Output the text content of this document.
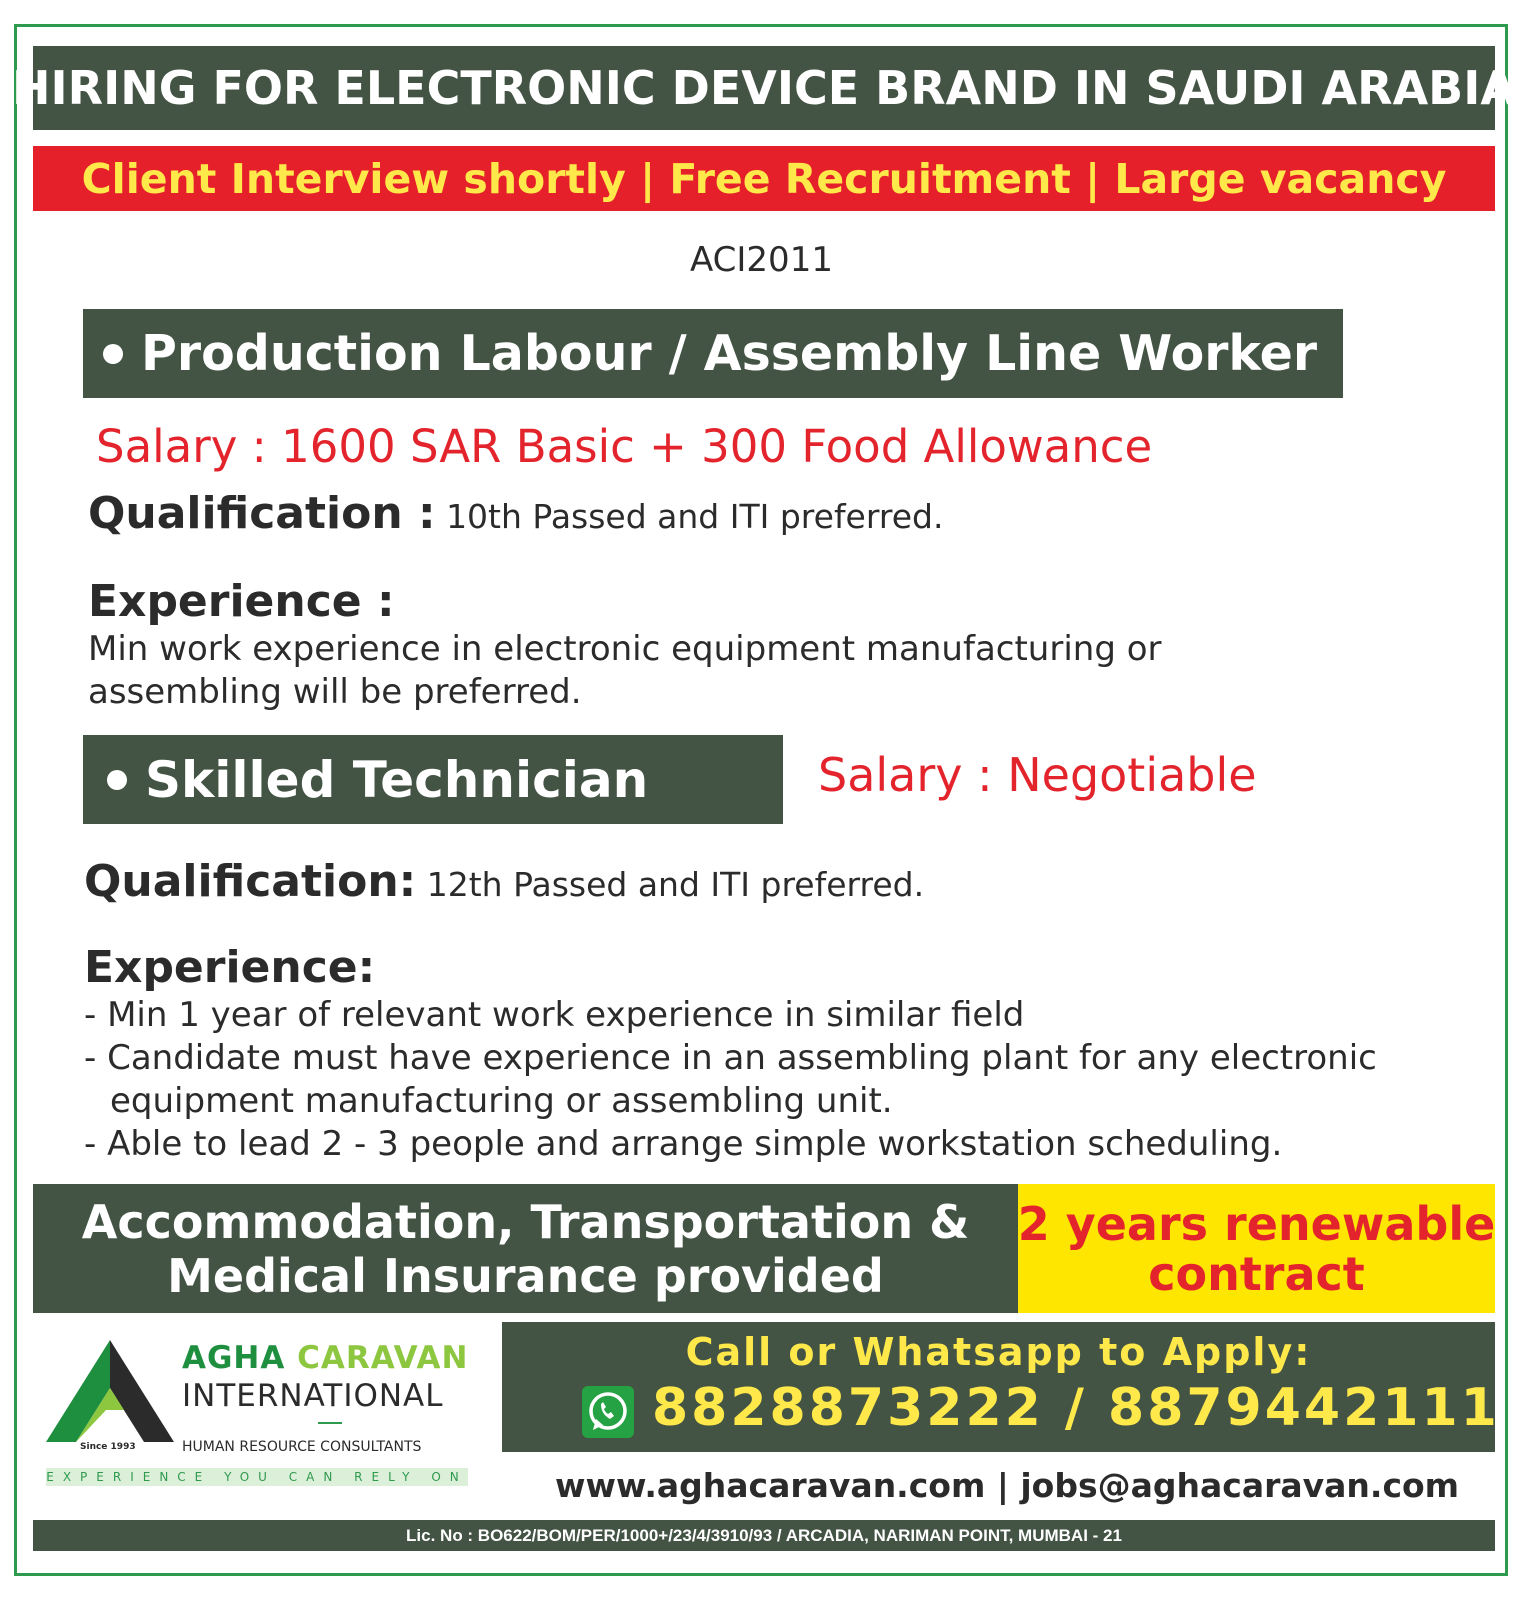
HIRING FOR ELECTRONIC DEVICE BRAND IN SAUDI ARABIA
Client Interview shortly | Free Recruitment | Large vacancy
ACI2011
Production Labour / Assembly Line Worker
Salary : 1600 SAR Basic + 300 Food Allowance
Qualification : 10th Passed and ITI preferred.
Experience :
Min work experience in electronic equipment manufacturing or
assembling will be preferred.
Skilled Technician	Salary : Negotiable
Qualification: 12th Passed and ITI preferred.
Experience:
- Min 1 year of relevant work experience in similar field
- Candidate must have experience in an assembling plant for any electronic
equipment manufacturing or assembling unit.
- Able to lead 2 - 3 people and arrange simple workstation scheduling.
Accommodation, Transportation &
Medical Insurance provided
2 years renewable
contract
Since 1993
AGHA CARAVAN
INTERNATIONAL
HUMAN RESOURCE CONSULTANTS
EXPERIENCE YOU CAN RELY ON
Call or Whatsapp to Apply:
8828873222 / 8879442111
www.aghacaravan.com | jobs@aghacaravan.com
Lic. No : BO622/BOM/PER/1000+/23/4/3910/93 / ARCADIA, NARIMAN POINT, MUMBAI - 21
